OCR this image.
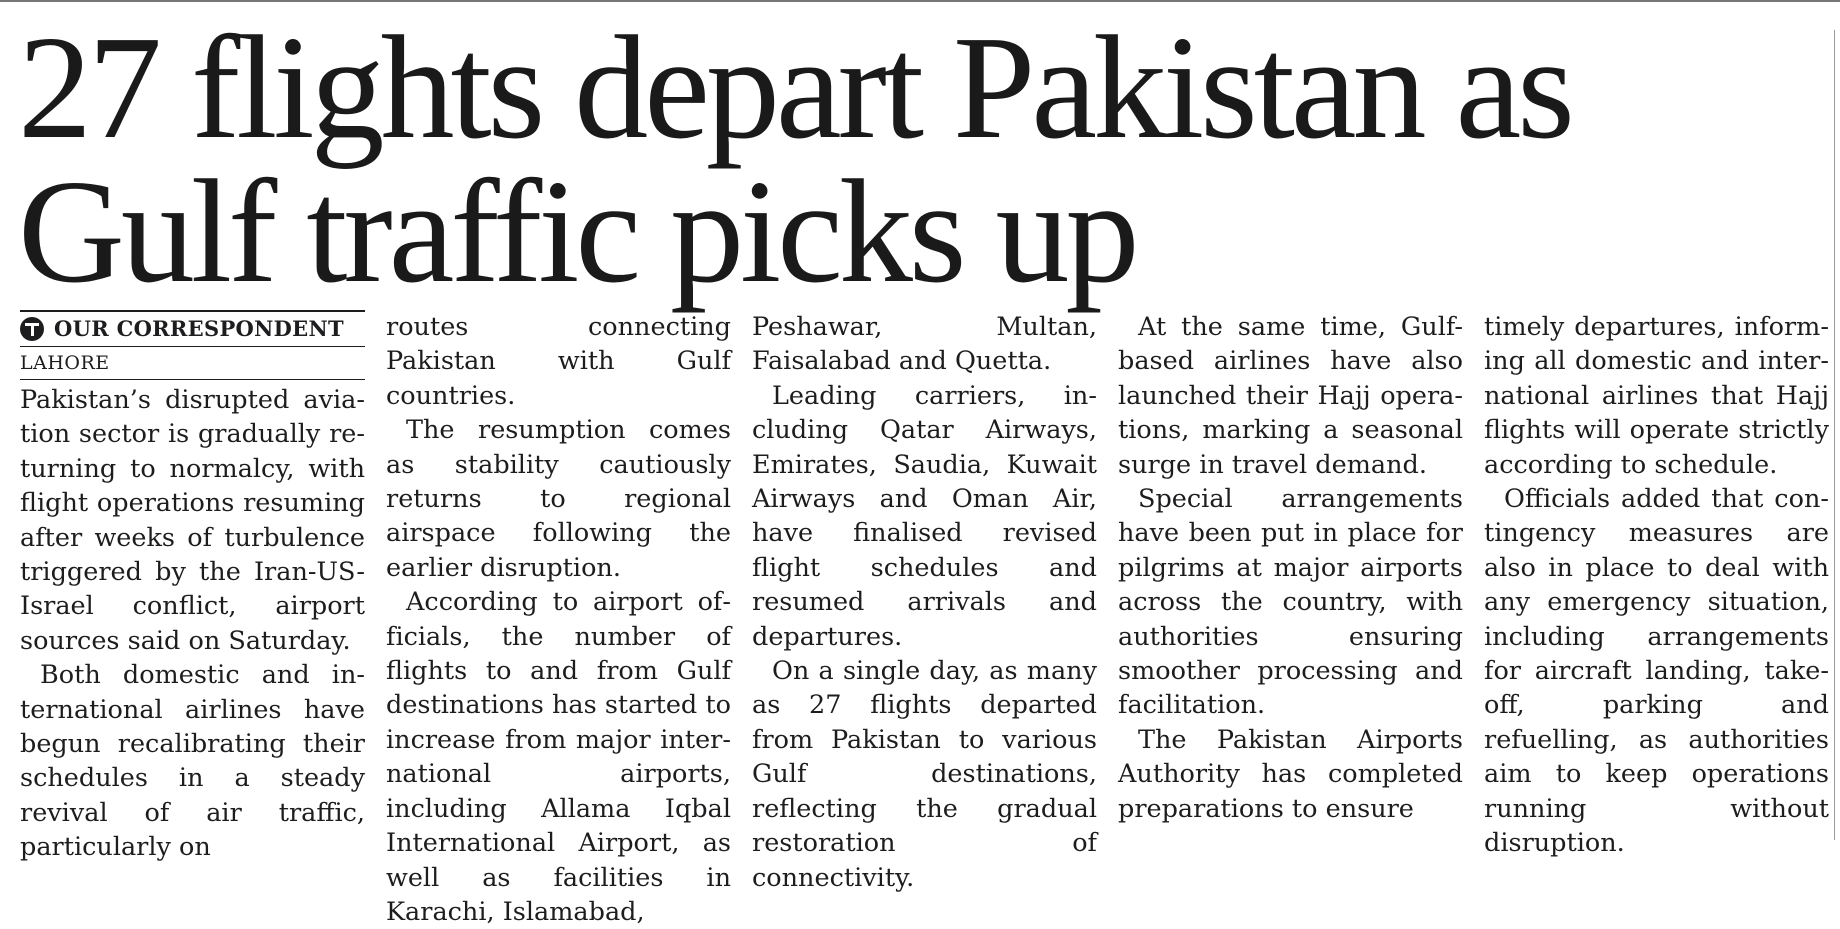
27 flights depart Pakistan as Gulf traffic picks up
OUR CORRESPONDENT
LAHORE

Pakistan’s disrupted aviation sector is gradually returning to normalcy, with flight operations resuming after weeks of turbulence triggered by the Iran-US-Israel conflict, airport sources said on Saturday.

Both domestic and international airlines have begun recalibrating their schedules in a steady revival of air traffic, particularly on

routes connecting Pakistan with Gulf countries.

The resumption comes as stability cautiously returns to regional airspace following the earlier disruption.

According to airport officials, the number of flights to and from Gulf destinations has started to increase from major international airports, including Allama Iqbal International Airport, as well as facilities in Karachi, Islamabad,

Peshawar, Multan, Faisalabad and Quetta.

Leading carriers, including Qatar Airways, Emirates, Saudia, Kuwait Airways and Oman Air, have finalised revised flight schedules and resumed arrivals and departures.

On a single day, as many as 27 flights departed from Pakistan to various Gulf destinations, reflecting the gradual restoration of connectivity.

At the same time, Gulf-based airlines have also launched their Hajj operations, marking a seasonal surge in travel demand.

Special arrangements have been put in place for pilgrims at major airports across the country, with authorities ensuring smoother processing and facilitation.

The Pakistan Airports Authority has completed preparations to ensure

timely departures, informing all domestic and international airlines that Hajj flights will operate strictly according to schedule.

Officials added that contingency measures are also in place to deal with any emergency situation, including arrangements for aircraft landing, take-off, parking and refuelling, as authorities aim to keep operations running without disruption.
